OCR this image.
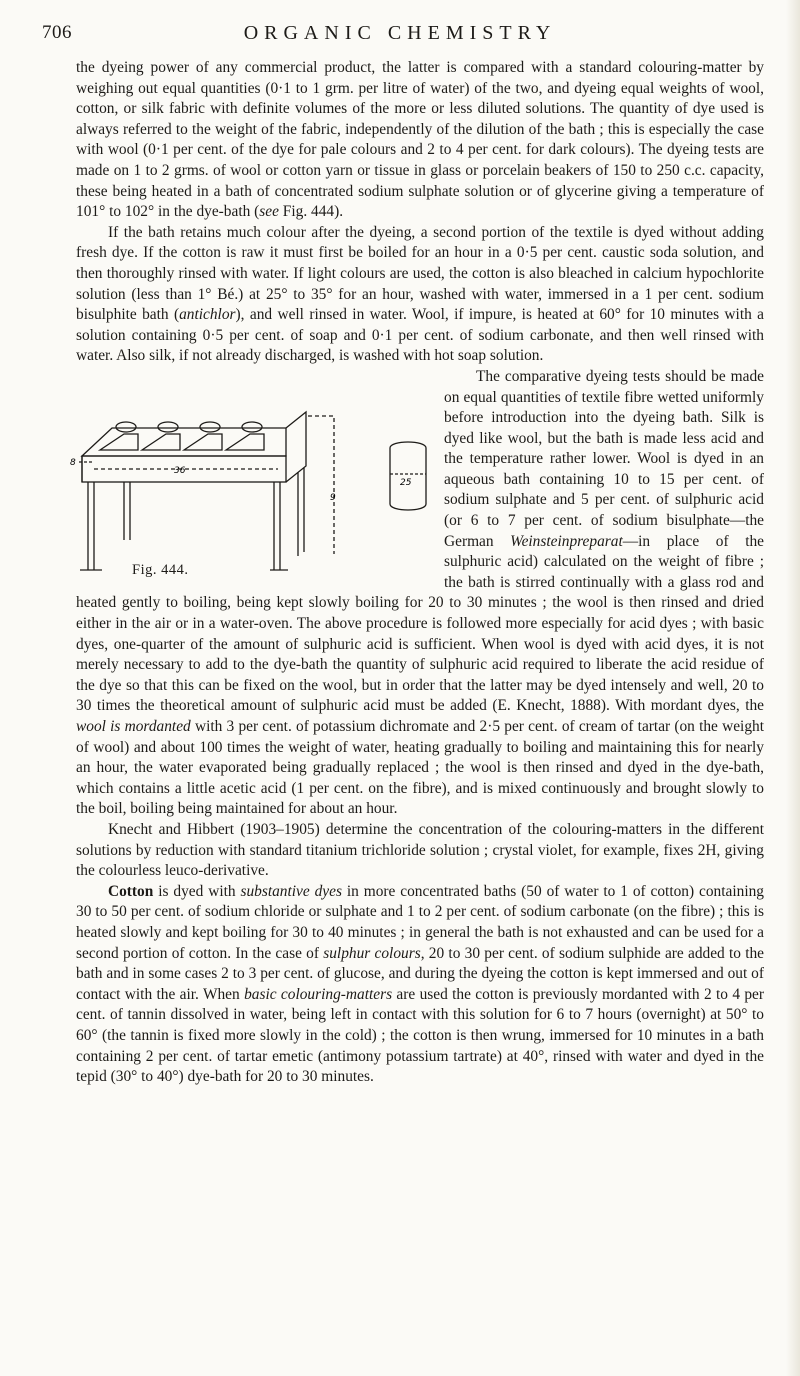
706	ORGANIC CHEMISTRY

the dyeing power of any commercial product, the latter is compared with a standard colouring-matter by weighing out equal quantities (0·1 to 1 grm. per litre of water) of the two, and dyeing equal weights of wool, cotton, or silk fabric with definite volumes of the more or less diluted solutions. The quantity of dye used is always referred to the weight of the fabric, independently of the dilution of the bath ; this is especially the case with wool (0·1 per cent. of the dye for pale colours and 2 to 4 per cent. for dark colours). The dyeing tests are made on 1 to 2 grms. of wool or cotton yarn or tissue in glass or porcelain beakers of 150 to 250 c.c. capacity, these being heated in a bath of concentrated sodium sulphate solution or of glycerine giving a temperature of 101° to 102° in the dye-bath (see Fig. 444).

If the bath retains much colour after the dyeing, a second portion of the textile is dyed without adding fresh dye. If the cotton is raw it must first be boiled for an hour in a 0·5 per cent. caustic soda solution, and then thoroughly rinsed with water. If light colours are used, the cotton is also bleached in calcium hypochlorite solution (less than 1° Bé.) at 25° to 35° for an hour, washed with water, immersed in a 1 per cent. sodium bisulphite bath (antichlor), and well rinsed in water. Wool, if impure, is heated at 60° for 10 minutes with a solution containing 0·5 per cent. of soap and 0·1 per cent. of sodium carbonate, and then well rinsed with water. Also silk, if not already discharged, is washed with hot soap solution.

36
8
9
25
Fig. 444.

The comparative dyeing tests should be made on equal quantities of textile fibre wetted uniformly before introduction into the dyeing bath. Silk is dyed like wool, but the bath is made less acid and the temperature rather lower. Wool is dyed in an aqueous bath containing 10 to 15 per cent. of sodium sulphate and 5 per cent. of sulphuric acid (or 6 to 7 per cent. of sodium bisulphate—the German Weinsteinpreparat—in place of the sulphuric acid) calculated on the weight of fibre ; the bath is stirred continually with a glass rod and heated gently to boiling, being kept slowly boiling for 20 to 30 minutes ; the wool is then rinsed and dried either in the air or in a water-oven. The above procedure is followed more especially for acid dyes ; with basic dyes, one-quarter of the amount of sulphuric acid is sufficient. When wool is dyed with acid dyes, it is not merely necessary to add to the dye-bath the quantity of sulphuric acid required to liberate the acid residue of the dye so that this can be fixed on the wool, but in order that the latter may be dyed intensely and well, 20 to 30 times the theoretical amount of sulphuric acid must be added (E. Knecht, 1888). With mordant dyes, the wool is mordanted with 3 per cent. of potassium dichromate and 2·5 per cent. of cream of tartar (on the weight of wool) and about 100 times the weight of water, heating gradually to boiling and maintaining this for nearly an hour, the water evaporated being gradually replaced ; the wool is then rinsed and dyed in the dye-bath, which contains a little acetic acid (1 per cent. on the fibre), and is mixed continuously and brought slowly to the boil, boiling being maintained for about an hour.

Knecht and Hibbert (1903–1905) determine the concentration of the colouring-matters in the different solutions by reduction with standard titanium trichloride solution ; crystal violet, for example, fixes 2H, giving the colourless leuco-derivative.

Cotton is dyed with substantive dyes in more concentrated baths (50 of water to 1 of cotton) containing 30 to 50 per cent. of sodium chloride or sulphate and 1 to 2 per cent. of sodium carbonate (on the fibre) ; this is heated slowly and kept boiling for 30 to 40 minutes ; in general the bath is not exhausted and can be used for a second portion of cotton. In the case of sulphur colours, 20 to 30 per cent. of sodium sulphide are added to the bath and in some cases 2 to 3 per cent. of glucose, and during the dyeing the cotton is kept immersed and out of contact with the air. When basic colouring-matters are used the cotton is previously mordanted with 2 to 4 per cent. of tannin dissolved in water, being left in contact with this solution for 6 to 7 hours (overnight) at 50° to 60° (the tannin is fixed more slowly in the cold) ; the cotton is then wrung, immersed for 10 minutes in a bath containing 2 per cent. of tartar emetic (antimony potassium tartrate) at 40°, rinsed with water and dyed in the tepid (30° to 40°) dye-bath for 20 to 30 minutes.
